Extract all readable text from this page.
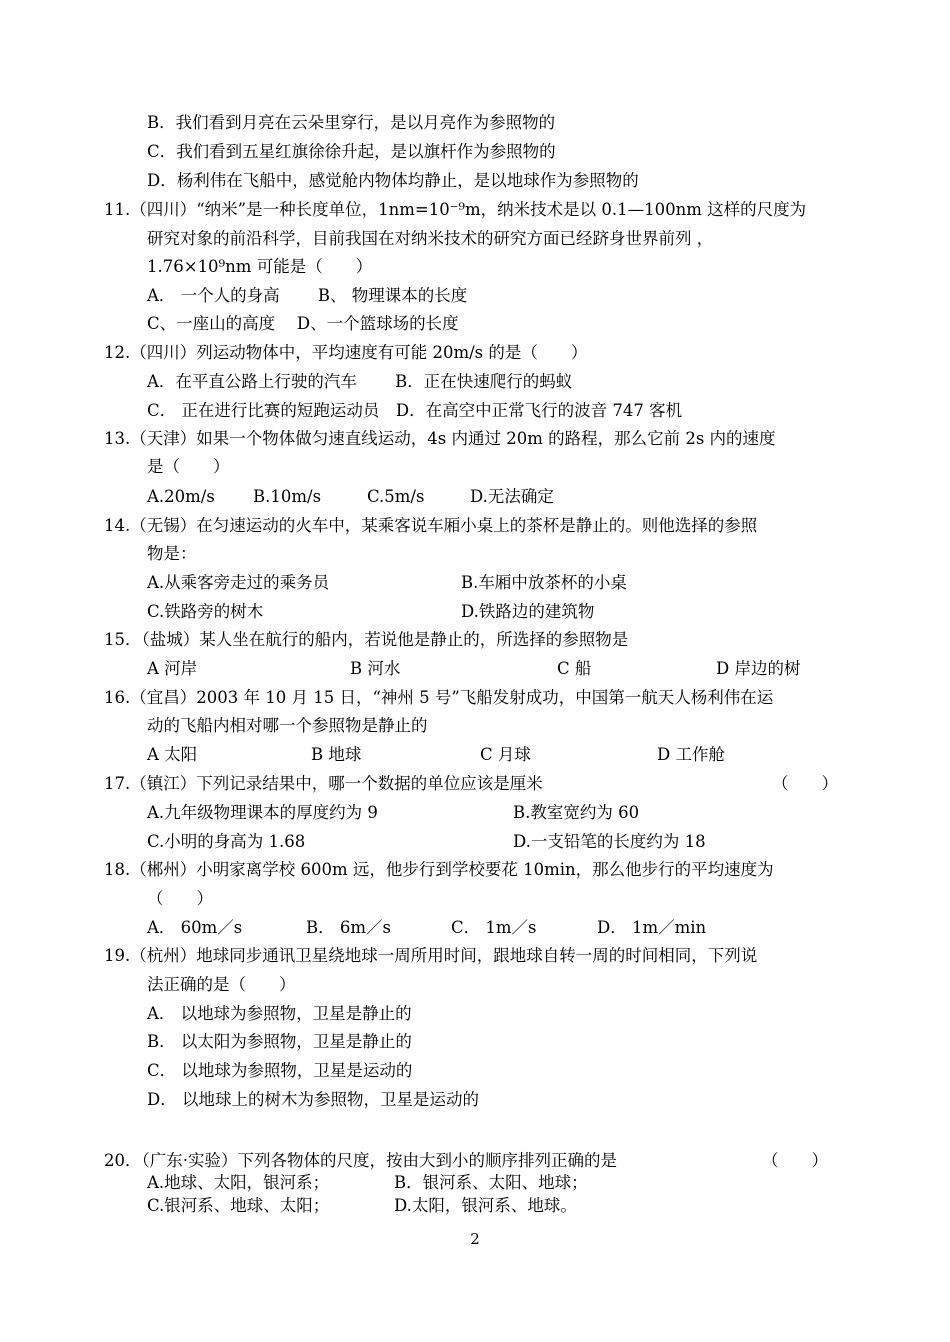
B．我们看到月亮在云朵里穿行，是以月亮作为参照物的
C．我们看到五星红旗徐徐升起，是以旗杆作为参照物的
D．杨利伟在飞船中，感觉舱内物体均静止，是以地球作为参照物的
11.（四川）“纳米”是一种长度单位，1nm=10⁻⁹m，纳米技术是以 0.1—100nm 这样的尺度为
研究对象的前沿科学，目前我国在对纳米技术的研究方面已经跻身世界前列 ，
1.76×10⁹nm 可能是（　　）
A． 一个人的身高　　 B、 物理课本的长度
C、一座山的高度　 D、一个篮球场的长度
12.（四川）列运动物体中，平均速度有可能 20m/s 的是（　　）
A．在平直公路上行驶的汽车　　 B．正在快速爬行的蚂蚁
C． 正在进行比赛的短跑运动员　D．在高空中正常飞行的波音 747 客机
13.（天津）如果一个物体做匀速直线运动，4s 内通过 20m 的路程，那么它前 2s 内的速度
是（　　）
A.20m/s B.10m/s	C.5m/s	D.无法确定
14.（无锡）在匀速运动的火车中，某乘客说车厢小桌上的茶杯是静止的。则他选择的参照
物是：
A.从乘客旁走过的乘务员	B.车厢中放茶杯的小桌
C.铁路旁的树木	D.铁路边的建筑物
15．（盐城）某人坐在航行的船内，若说他是静止的，所选择的参照物是
A 河岸	B 河水	C 船	D 岸边的树
16.（宜昌）2003 年 10 月 15 日，“神州 5 号”飞船发射成功，中国第一航天人杨利伟在运
动的飞船内相对哪一个参照物是静止的
A 太阳	B 地球	C 月球	D 工作舱
17.（镇江）下列记录结果中，哪一个数据的单位应该是厘米	（　　）
A.九年级物理课本的厚度约为 9	B.教室宽约为 60
C.小明的身高为 1.68	D.一支铅笔的长度约为 18
18.（郴州）小明家离学校 600m 远，他步行到学校要花 10min，那么他步行的平均速度为
（　　）
A． 60m／s	B． 6m／s	C． 1m／s	D． 1m／min
19.（杭州）地球同步通讯卫星绕地球一周所用时间，跟地球自转一周的时间相同，下列说
法正确的是（　　）
A． 以地球为参照物，卫星是静止的
B． 以太阳为参照物，卫星是静止的
C． 以地球为参照物，卫星是运动的
D． 以地球上的树木为参照物，卫星是运动的
20．（广东·实验）下列各物体的尺度，按由大到小的顺序排列正确的是	（　　）
A.地球、太阳，银河系；	B．银河系、太阳、地球；
C.银河系、地球、太阳；	D.太阳，银河系、地球。
2
